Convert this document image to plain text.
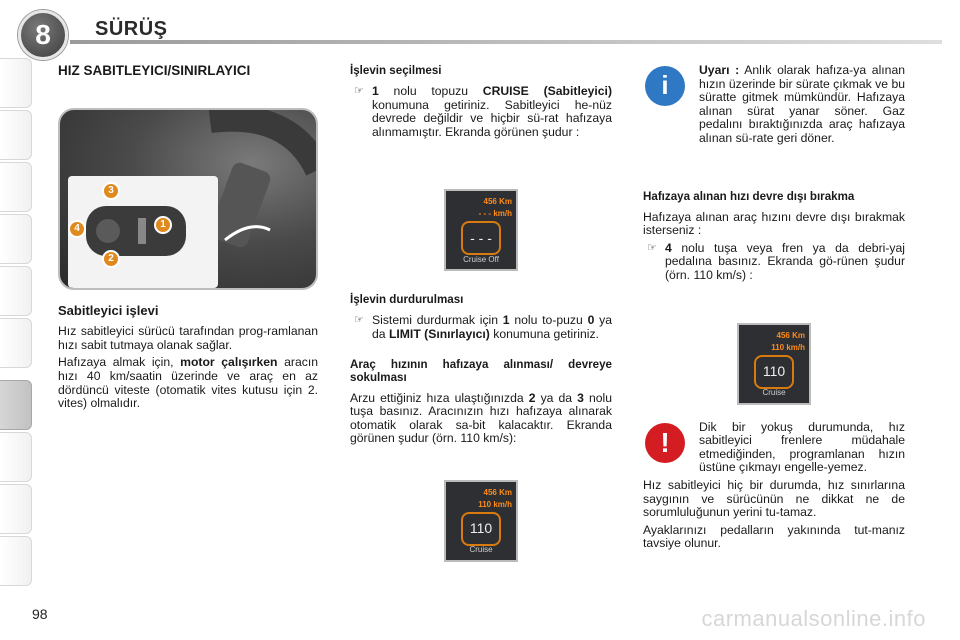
8	SÜRÜŞ
HIZ SABITLEYICI/SINIRLAYICI
3
4	1
2
Sabitleyici işlevi

Hız sabitleyici sürücü tarafından prog-ramlanan hızı sabit tutmaya olanak sağlar.

Hafızaya almak için, motor çalışırken aracın hızı 40 km/saatin üzerinde ve araç en az dördüncü viteste (otomatik vites kutusu için 2. vites) olmalıdır.

İşlevin seçilmesi
☞ 1 nolu topuzu CRUISE (Sabitleyici) konumuna getiriniz. Sabitleyici he-nüz devrede değildir ve hiçbir sü-rat hafızaya alınmamıştır. Ekranda görünen şudur :
456 Km
- - - km/h
- - -
Cruise Off
İşlevin durdurulması
☞ Sistemi durdurmak için 1 nolu to-puzu 0 ya da LIMIT (Sınırlayıcı) konumuna getiriniz.
Araç hızının hafızaya alınması/ devreye sokulması

Arzu ettiğiniz hıza ulaştığınızda 2 ya da 3 nolu tuşa basınız. Aracınızın hızı hafızaya alınarak otomatik olarak sa-bit kalacaktır. Ekranda görünen şudur (örn. 110 km/s):

456 Km
110 km/h
110
Cruise
i
Uyarı : Anlık olarak hafıza-ya alınan hızın üzerinde bir sürate çıkmak ve bu süratte gitmek mümkündür. Hafızaya alınan sürat yanar söner. Gaz pedalını bıraktığınızda araç hafızaya alınan sü-rate geri döner.
Hafızaya alınan hızı devre dışı bırakma

Hafızaya alınan araç hızını devre dışı bırakmak isterseniz :

☞ 4 nolu tuşa veya fren ya da debri-yaj pedalına basınız. Ekranda gö-rünen şudur (örn. 110 km/s) :
456 Km
110 km/h
110
Cruise
!

Dik bir yokuş durumunda, hız sabitleyici frenlere müdahale etmediğinden, programlanan hızın üstüne çıkmayı engelle-yemez.

Hız sabitleyici hiç bir durumda, hız sınırlarına saygının ve sürücünün ne dikkat ne de sorumluluğunun yerini tu-tamaz.

Ayaklarınızı pedalların yakınında tut-manız tavsiye olunur.

98	carmanualsonline.info
